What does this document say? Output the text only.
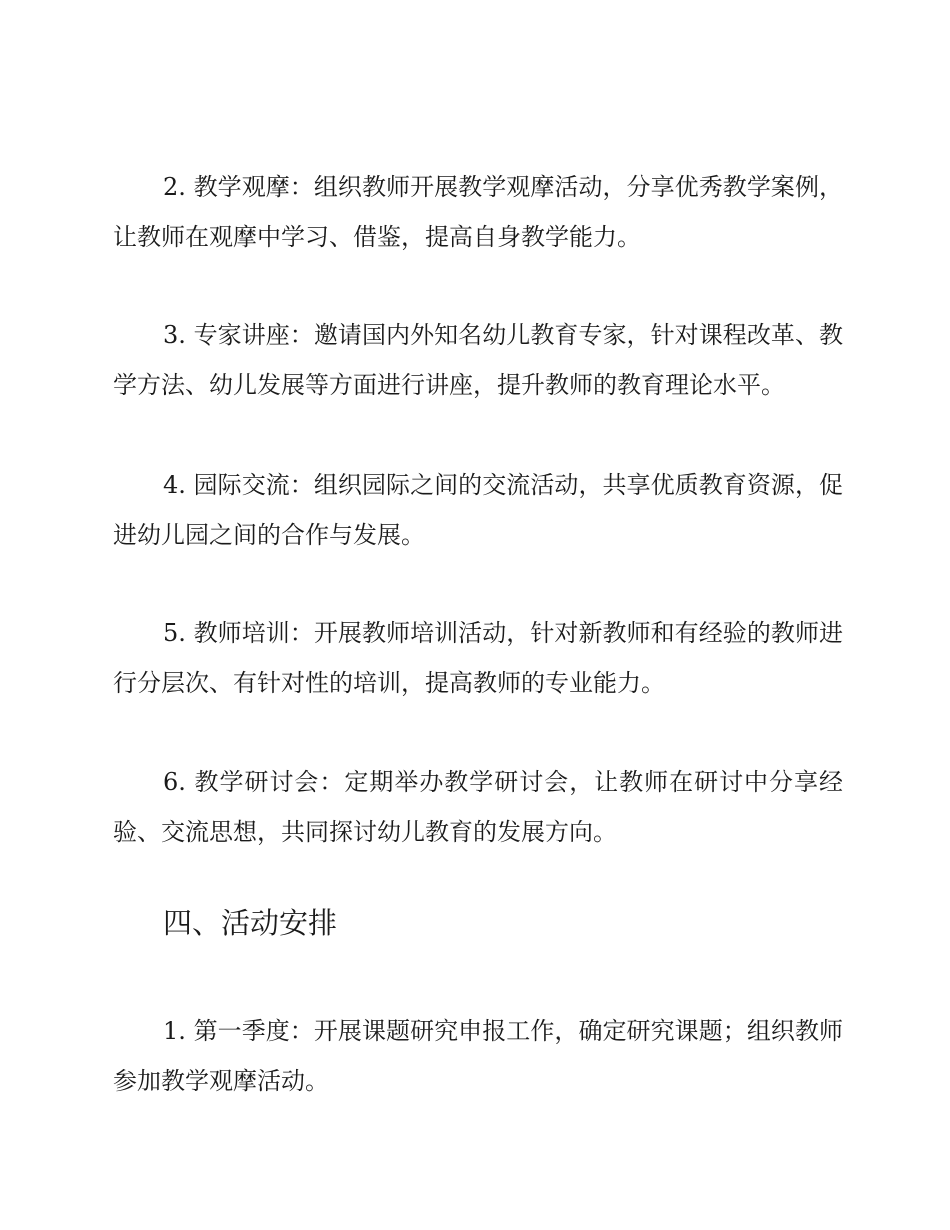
2. 教学观摩：组织教师开展教学观摩活动，分享优秀教学案例，让教师在观摩中学习、借鉴，提高自身教学能力。

3. 专家讲座：邀请国内外知名幼儿教育专家，针对课程改革、教学方法、幼儿发展等方面进行讲座，提升教师的教育理论水平。

4. 园际交流：组织园际之间的交流活动，共享优质教育资源，促进幼儿园之间的合作与发展。

5. 教师培训：开展教师培训活动，针对新教师和有经验的教师进行分层次、有针对性的培训，提高教师的专业能力。

6. 教学研讨会：定期举办教学研讨会，让教师在研讨中分享经验、交流思想，共同探讨幼儿教育的发展方向。

四、活动安排

1. 第一季度：开展课题研究申报工作，确定研究课题；组织教师参加教学观摩活动。
